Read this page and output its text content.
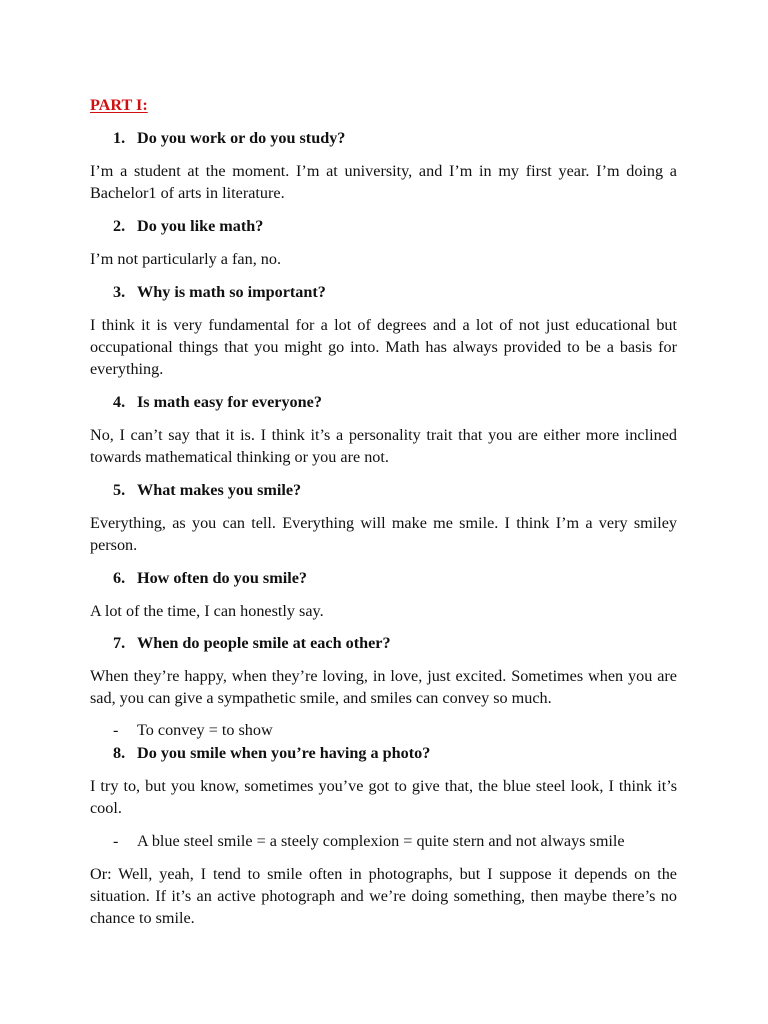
PART I:
1. Do you work or do you study?
I’m a student at the moment. I’m at university, and I’m in my first year. I’m doing a Bachelor1 of arts in literature.
2. Do you like math?
I’m not particularly a fan, no.
3. Why is math so important?
I think it is very fundamental for a lot of degrees and a lot of not just educational but occupational things that you might go into. Math has always provided to be a basis for everything.
4. Is math easy for everyone?
No, I can’t say that it is. I think it’s a personality trait that you are either more inclined towards mathematical thinking or you are not.
5. What makes you smile?
Everything, as you can tell. Everything will make me smile. I think I’m a very smiley person.
6. How often do you smile?
A lot of the time, I can honestly say.
7. When do people smile at each other?
When they’re happy, when they’re loving, in love, just excited. Sometimes when you are sad, you can give a sympathetic smile, and smiles can convey so much.
- To convey = to show
8. Do you smile when you’re having a photo?
I try to, but you know, sometimes you’ve got to give that, the blue steel look, I think it’s cool.
- A blue steel smile = a steely complexion = quite stern and not always smile
Or: Well, yeah, I tend to smile often in photographs, but I suppose it depends on the situation. If it’s an active photograph and we’re doing something, then maybe there’s no chance to smile.
